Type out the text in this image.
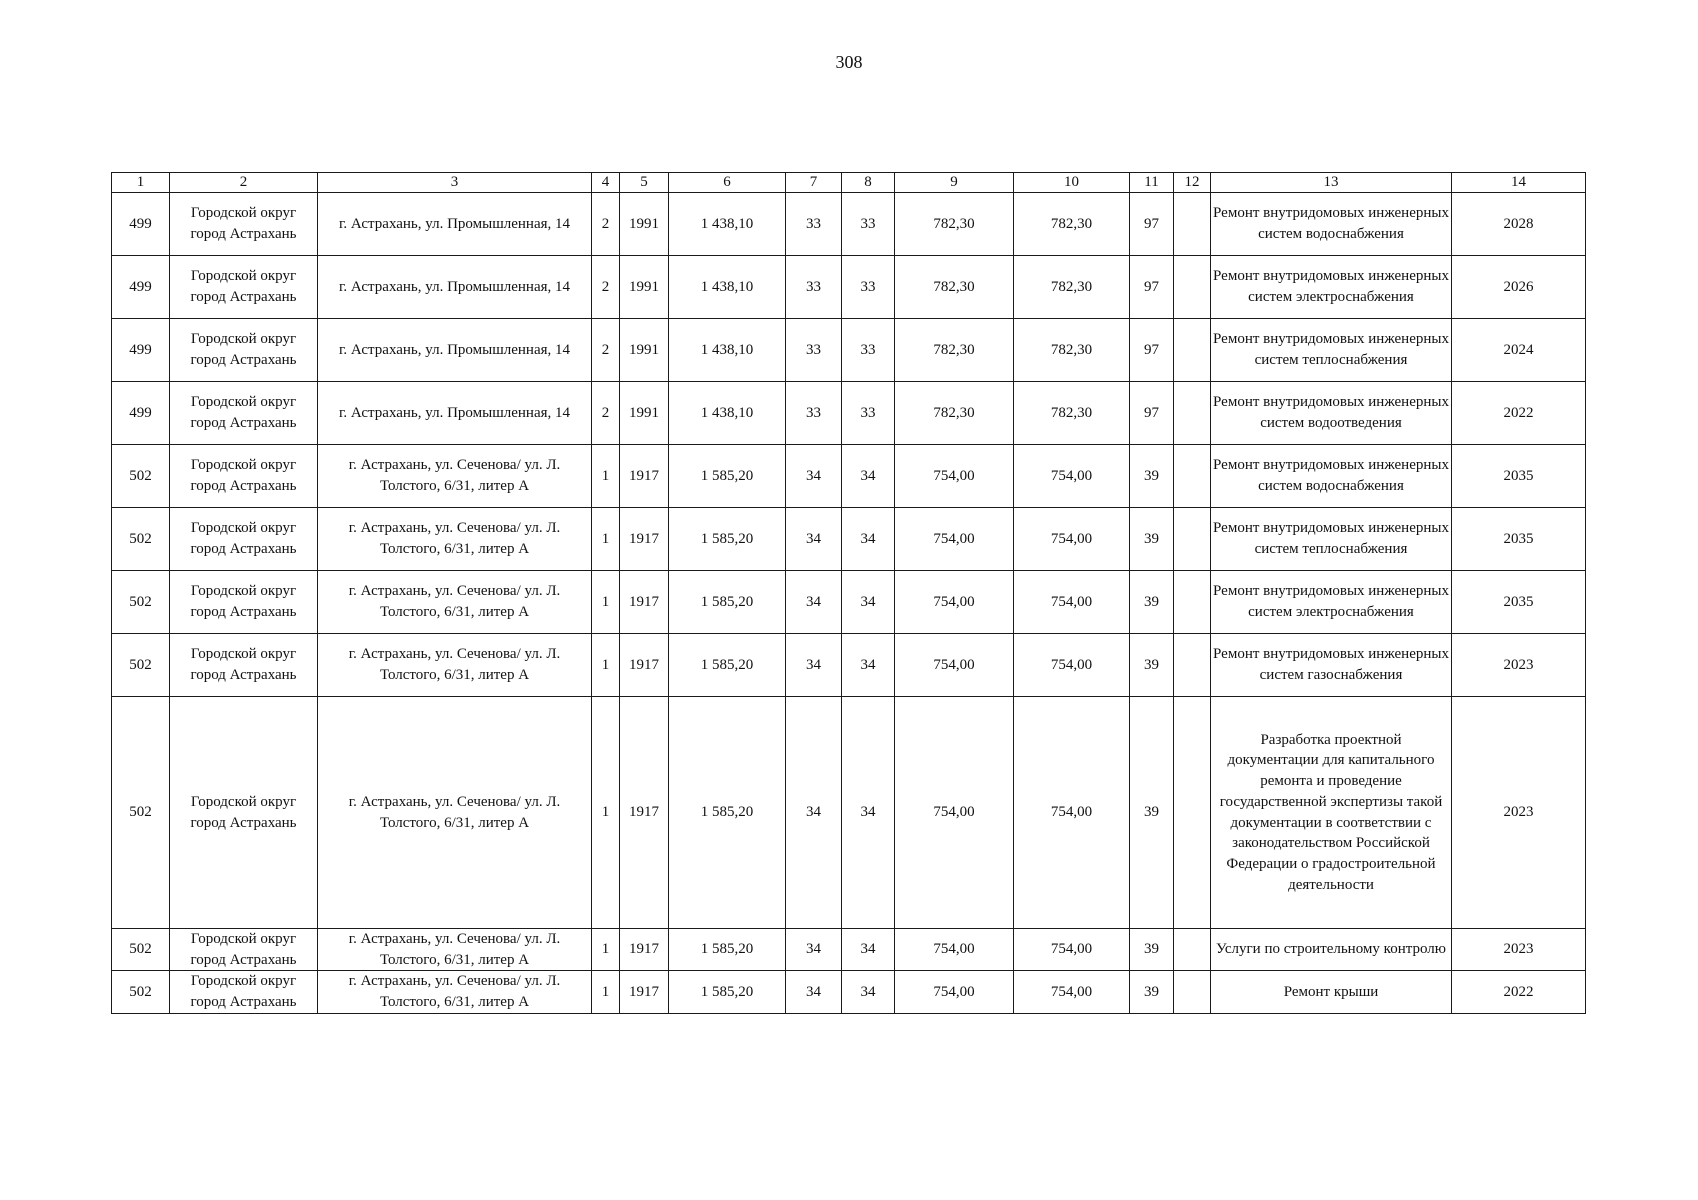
308
1	2	3	4	5	6	7	8	9	10	11	12	13	14
499	Городской округ город Астрахань	г. Астрахань, ул. Промышленная, 14	2	1991	1 438,10	33	33	782,30	782,30	97		Ремонт внутридомовых инженерных систем водоснабжения	2028
499	Городской округ город Астрахань	г. Астрахань, ул. Промышленная, 14	2	1991	1 438,10	33	33	782,30	782,30	97		Ремонт внутридомовых инженерных систем электроснабжения	2026
499	Городской округ город Астрахань	г. Астрахань, ул. Промышленная, 14	2	1991	1 438,10	33	33	782,30	782,30	97		Ремонт внутридомовых инженерных систем теплоснабжения	2024
499	Городской округ город Астрахань	г. Астрахань, ул. Промышленная, 14	2	1991	1 438,10	33	33	782,30	782,30	97		Ремонт внутридомовых инженерных систем водоотведения	2022
502	Городской округ город Астрахань	г. Астрахань, ул. Сеченова/ ул. Л. Толстого, 6/31, литер А	1	1917	1 585,20	34	34	754,00	754,00	39		Ремонт внутридомовых инженерных систем водоснабжения	2035
502	Городской округ город Астрахань	г. Астрахань, ул. Сеченова/ ул. Л. Толстого, 6/31, литер А	1	1917	1 585,20	34	34	754,00	754,00	39		Ремонт внутридомовых инженерных систем теплоснабжения	2035
502	Городской округ город Астрахань	г. Астрахань, ул. Сеченова/ ул. Л. Толстого, 6/31, литер А	1	1917	1 585,20	34	34	754,00	754,00	39		Ремонт внутридомовых инженерных систем электроснабжения	2035
502	Городской округ город Астрахань	г. Астрахань, ул. Сеченова/ ул. Л. Толстого, 6/31, литер А	1	1917	1 585,20	34	34	754,00	754,00	39		Ремонт внутридомовых инженерных систем газоснабжения	2023
502	Городской округ город Астрахань	г. Астрахань, ул. Сеченова/ ул. Л. Толстого, 6/31, литер А	1	1917	1 585,20	34	34	754,00	754,00	39		Разработка проектной документации для капитального ремонта и проведение государственной экспертизы такой документации в соответствии с законодательством Российской Федерации о градостроительной деятельности	2023
502	Городской округ город Астрахань	г. Астрахань, ул. Сеченова/ ул. Л. Толстого, 6/31, литер А	1	1917	1 585,20	34	34	754,00	754,00	39		Услуги по строительному контролю	2023
502	Городской округ город Астрахань	г. Астрахань, ул. Сеченова/ ул. Л. Толстого, 6/31, литер А	1	1917	1 585,20	34	34	754,00	754,00	39		Ремонт крыши	2022
